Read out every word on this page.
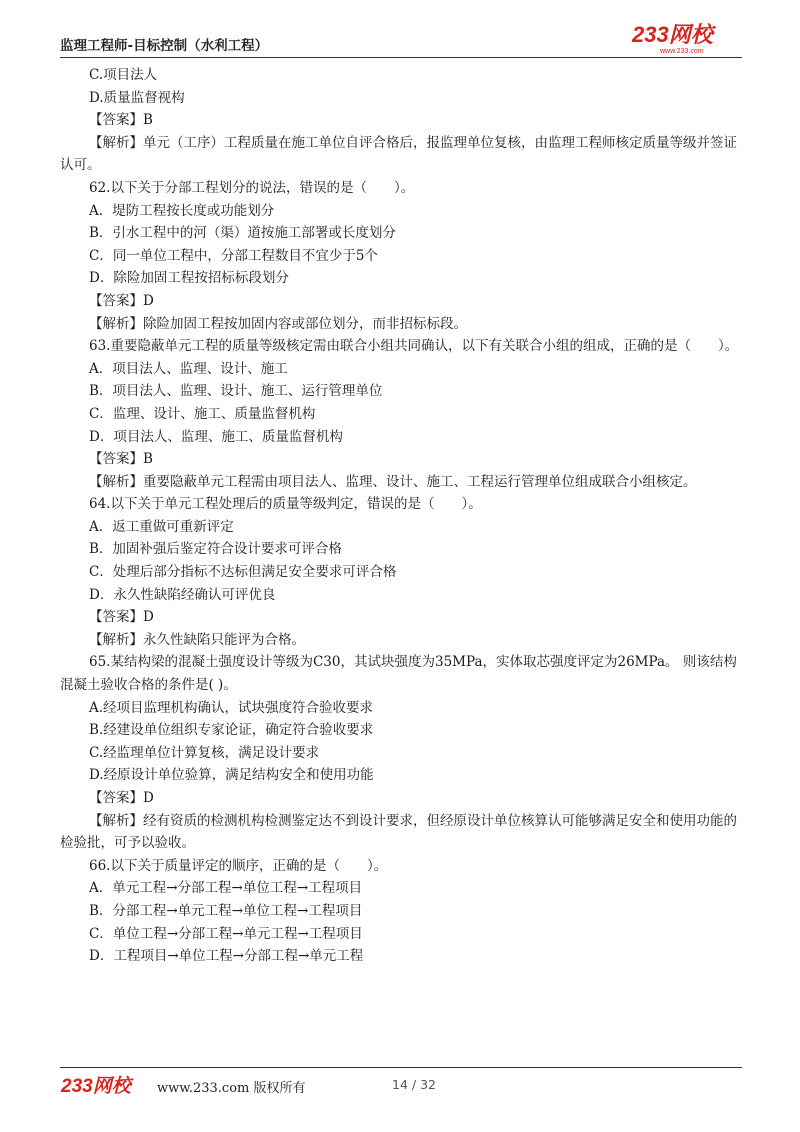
监理工程师-目标控制（水利工程）	233网校
www.233.com
C.项目法人
D.质量监督视构
【答案】B
【解析】单元（工序）工程质量在施工单位自评合格后，报监理单位复核，由监理工程师核定质量等级并签证认可。
62.以下关于分部工程划分的说法，错误的是（　　）。
A．堤防工程按长度或功能划分
B．引水工程中的河（渠）道按施工部署或长度划分
C．同一单位工程中，分部工程数目不宜少于5个
D．除险加固工程按招标标段划分
【答案】D
【解析】除险加固工程按加固内容或部位划分，而非招标标段。
63.重要隐蔽单元工程的质量等级核定需由联合小组共同确认，以下有关联合小组的组成，正确的是（　　）。
A．项目法人、监理、设计、施工
B．项目法人、监理、设计、施工、运行管理单位
C．监理、设计、施工、质量监督机构
D．项目法人、监理、施工、质量监督机构
【答案】B
【解析】重要隐蔽单元工程需由项目法人、监理、设计、施工、工程运行管理单位组成联合小组核定。
64.以下关于单元工程处理后的质量等级判定，错误的是（　　）。
A．返工重做可重新评定
B．加固补强后鉴定符合设计要求可评合格
C．处理后部分指标不达标但满足安全要求可评合格
D．永久性缺陷经确认可评优良
【答案】D
【解析】永久性缺陷只能评为合格。
65.某结构梁的混凝土强度设计等级为C30，其试块强度为35MPa，实体取芯强度评定为26MPa。 则该结构混凝土验收合格的条件是( )。
A.经项目监理机构确认，试块强度符合验收要求
B.经建设单位组织专家论证，确定符合验收要求
C.经监理单位计算复核，满足设计要求
D.经原设计单位验算，满足结构安全和使用功能
【答案】D
【解析】经有资质的检测机构检测鉴定达不到设计要求，但经原设计单位核算认可能够满足安全和使用功能的检验批，可予以验收。
66.以下关于质量评定的顺序，正确的是（　　）。
A．单元工程→分部工程→单位工程→工程项目
B．分部工程→单元工程→单位工程→工程项目
C．单位工程→分部工程→单元工程→工程项目
D．工程项目→单位工程→分部工程→单元工程
233网校 www.233.com 版权所有	14 / 32
